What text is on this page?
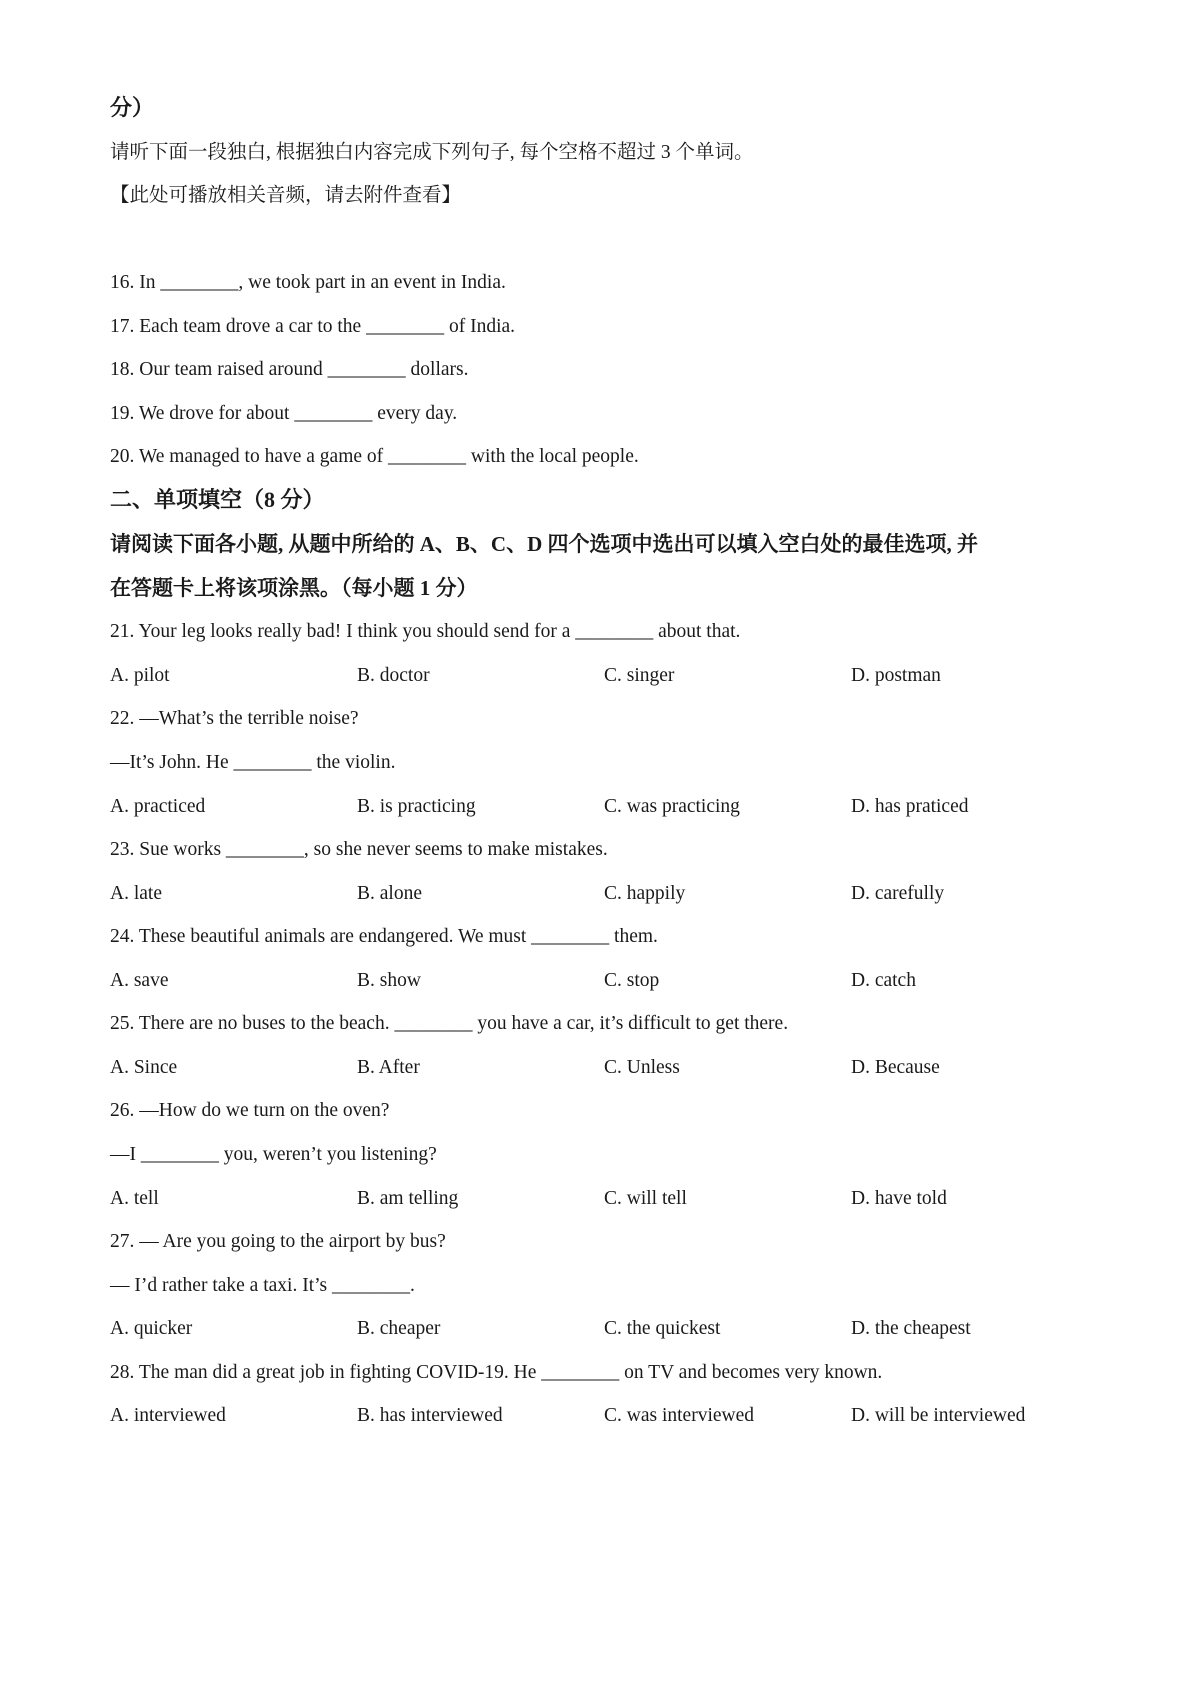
分）
请听下面一段独白, 根据独白内容完成下列句子, 每个空格不超过 3 个单词。
【此处可播放相关音频，请去附件查看】
16. In ________, we took part in an event in India.
17. Each team drove a car to the ________ of India.
18. Our team raised around ________ dollars.
19. We drove for about ________ every day.
20. We managed to have a game of ________ with the local people.
二、单项填空（8 分）
请阅读下面各小题, 从题中所给的 A、B、C、D 四个选项中选出可以填入空白处的最佳选项, 并
在答题卡上将该项涂黑。（每小题 1 分）
21. Your leg looks really bad! I think you should send for a ________ about that.
A. pilot	B. doctor	C. singer	D. postman
22. —What’s the terrible noise?
—It’s John. He ________ the violin.
A. practiced	B. is practicing	C. was practicing	D. has praticed
23. Sue works ________, so she never seems to make mistakes.
A. late	B. alone	C. happily	D. carefully
24. These beautiful animals are endangered. We must ________ them.
A. save	B. show	C. stop	D. catch
25. There are no buses to the beach. ________ you have a car, it’s difficult to get there.
A. Since	B. After	C. Unless	D. Because
26. —How do we turn on the oven?
—I ________ you, weren’t you listening?
A. tell	B. am telling	C. will tell	D. have told
27. — Are you going to the airport by bus?
— I’d rather take a taxi. It’s ________.
A. quicker	B. cheaper	C. the quickest	D. the cheapest
28. The man did a great job in fighting COVID-19. He ________ on TV and becomes very known.
A. interviewed	B. has interviewed	C. was interviewed	D. will be interviewed
